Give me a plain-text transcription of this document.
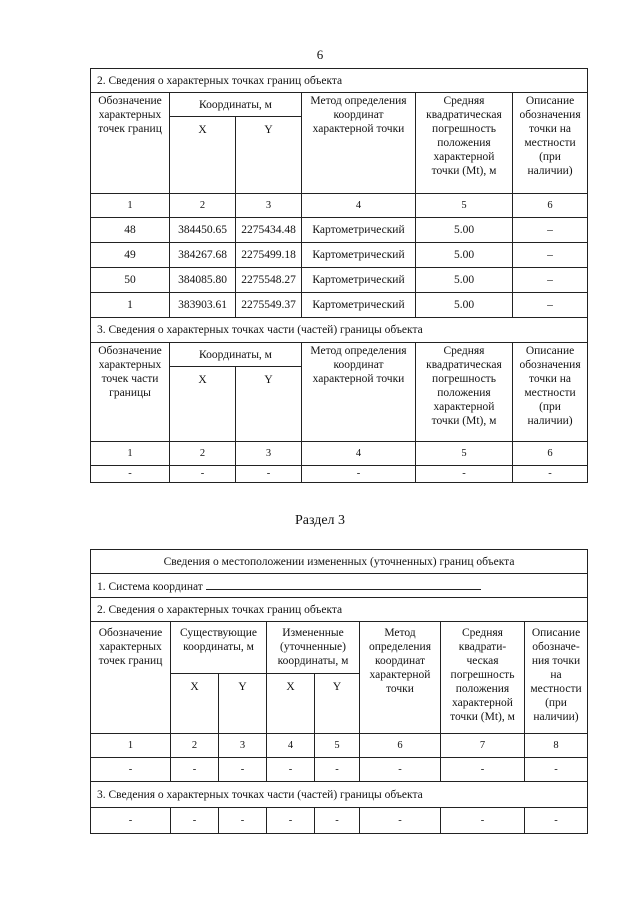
6
2. Сведения о характерных точках границ объекта					
Обозначение характерных точек границ	Координаты, м		Метод определения координат характерной точки	Средняя квадратическая погрешность положения характерной точки (Mt), м	Описание обозначения точки на местности (при наличии)
	X	Y			
1	2	3	4	5	6
48	384450.65	2275434.48	Картометрический	5.00	–
49	384267.68	2275499.18	Картометрический	5.00	–
50	384085.80	2275548.27	Картометрический	5.00	–
1	383903.61	2275549.37	Картометрический	5.00	–
3. Сведения о характерных точках части (частей) границы объекта					
Обозначение характерных точек части границы	Координаты, м		Метод определения координат характерной точки	Средняя квадратическая погрешность положения характерной точки (Mt), м	Описание обозначения точки на местности (при наличии)
	X	Y			
1	2	3	4	5	6
-	-	-	-	-	-
Раздел 3
Сведения о местоположении измененных (уточненных) границ объекта							
1. Система координат							
2. Сведения о характерных точках границ объекта							
Обозначение характерных точек границ	Существующие координаты, м		Измененные (уточненные) координаты, м		Метод определения координат характерной точки	Средняя квадрати-ческая погрешность положения характерной точки (Mt), м	Описание обозначе-ния точки на местности (при наличии)
	X	Y	X	Y			
1	2	3	4	5	6	7	8
-	-	-	-	-	-	-	-
3. Сведения о характерных точках части (частей) границы объекта							
-	-	-	-	-	-	-	-
